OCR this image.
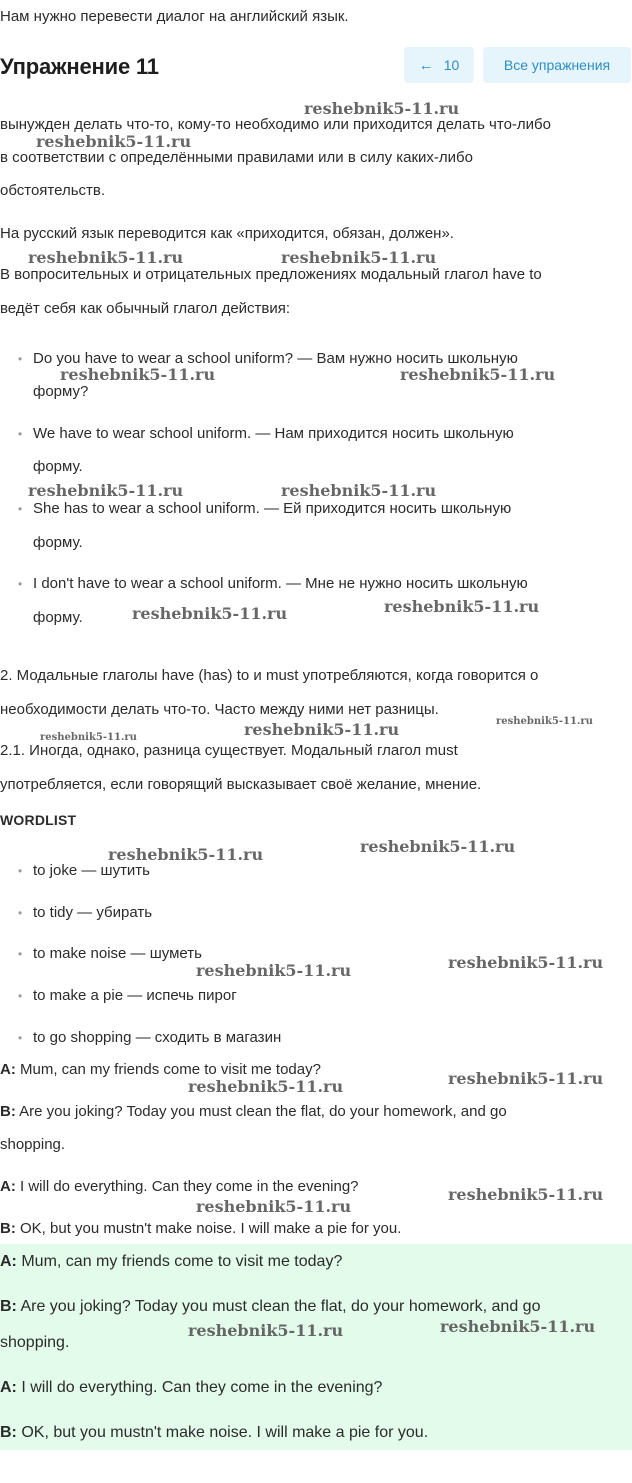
Нам нужно перевести диалог на английский язык.
Упражнение 11	← 10	Все упражнения
вынужден делать что-то, кому-то необходимо или приходится делать что-либо
в соответствии с определёнными правилами или в силу каких-либо
обстоятельств.
На русский язык переводится как «приходится, обязан, должен».
В вопросительных и отрицательных предложениях модальный глагол have to
ведёт себя как обычный глагол действия:
• Do you have to wear a school uniform? — Вам нужно носить школьную
форму?
• We have to wear school uniform. — Нам приходится носить школьную
форму.
• She has to wear a school uniform. — Ей приходится носить школьную
форму.
• I don't have to wear a school uniform. — Мне не нужно носить школьную
форму.
2. Модальные глаголы have (has) to и must употребляются, когда говорится о
необходимости делать что-то. Часто между ними нет разницы.
2.1. Иногда, однако, разница существует. Модальный глагол must
употребляется, если говорящий высказывает своё желание, мнение.
WORDLIST
• to joke — шутить
• to tidy — убирать
• to make noise — шуметь
• to make a pie — испечь пирог
• to go shopping — сходить в магазин
A: Mum, can my friends come to visit me today?
B: Are you joking? Today you must clean the flat, do your homework, and go
shopping.
A: I will do everything. Can they come in the evening?
B: OK, but you mustn't make noise. I will make a pie for you.
A: Mum, can my friends come to visit me today?
B: Are you joking? Today you must clean the flat, do your homework, and go
shopping.
A: I will do everything. Can they come in the evening?
B: OK, but you mustn't make noise. I will make a pie for you.
reshebnik5-11.ru
reshebnik5-11.ru
reshebnik5-11.ru	reshebnik5-11.ru
reshebnik5-11.ru	reshebnik5-11.ru
reshebnik5-11.ru	reshebnik5-11.ru
reshebnik5-11.ru	reshebnik5-11.ru
reshebnik5-11.ru
reshebnik5-11.ru
reshebnik5-11.ru
reshebnik5-11.ru	reshebnik5-11.ru
reshebnik5-11.ru	reshebnik5-11.ru
reshebnik5-11.ru	reshebnik5-11.ru
reshebnik5-11.ru
reshebnik5-11.ru
reshebnik5-11.ru	reshebnik5-11.ru
